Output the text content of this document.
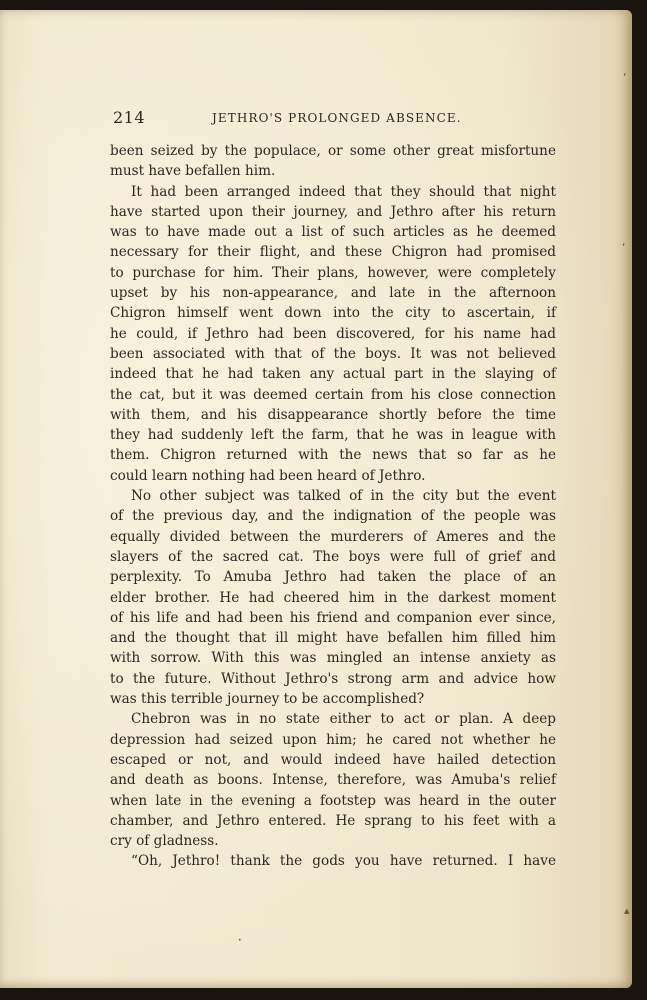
‘
‘
▴
•
214	JETHRO'S PROLONGED ABSENCE.
been seized by the populace, or some other great misfortune
must have befallen him.
It had been arranged indeed that they should that night
have started upon their journey, and Jethro after his return
was to have made out a list of such articles as he deemed
necessary for their flight, and these Chigron had promised
to purchase for him. Their plans, however, were completely
upset by his non-appearance, and late in the afternoon
Chigron himself went down into the city to ascertain, if
he could, if Jethro had been discovered, for his name had
been associated with that of the boys. It was not believed
indeed that he had taken any actual part in the slaying of
the cat, but it was deemed certain from his close connection
with them, and his disappearance shortly before the time
they had suddenly left the farm, that he was in league with
them. Chigron returned with the news that so far as he
could learn nothing had been heard of Jethro.
No other subject was talked of in the city but the event
of the previous day, and the indignation of the people was
equally divided between the murderers of Ameres and the
slayers of the sacred cat. The boys were full of grief and
perplexity. To Amuba Jethro had taken the place of an
elder brother. He had cheered him in the darkest moment
of his life and had been his friend and companion ever since,
and the thought that ill might have befallen him filled him
with sorrow. With this was mingled an intense anxiety as
to the future. Without Jethro's strong arm and advice how
was this terrible journey to be accomplished?
Chebron was in no state either to act or plan. A deep
depression had seized upon him; he cared not whether he
escaped or not, and would indeed have hailed detection
and death as boons. Intense, therefore, was Amuba's relief
when late in the evening a footstep was heard in the outer
chamber, and Jethro entered. He sprang to his feet with a
cry of gladness.
“Oh, Jethro! thank the gods you have returned. I have
